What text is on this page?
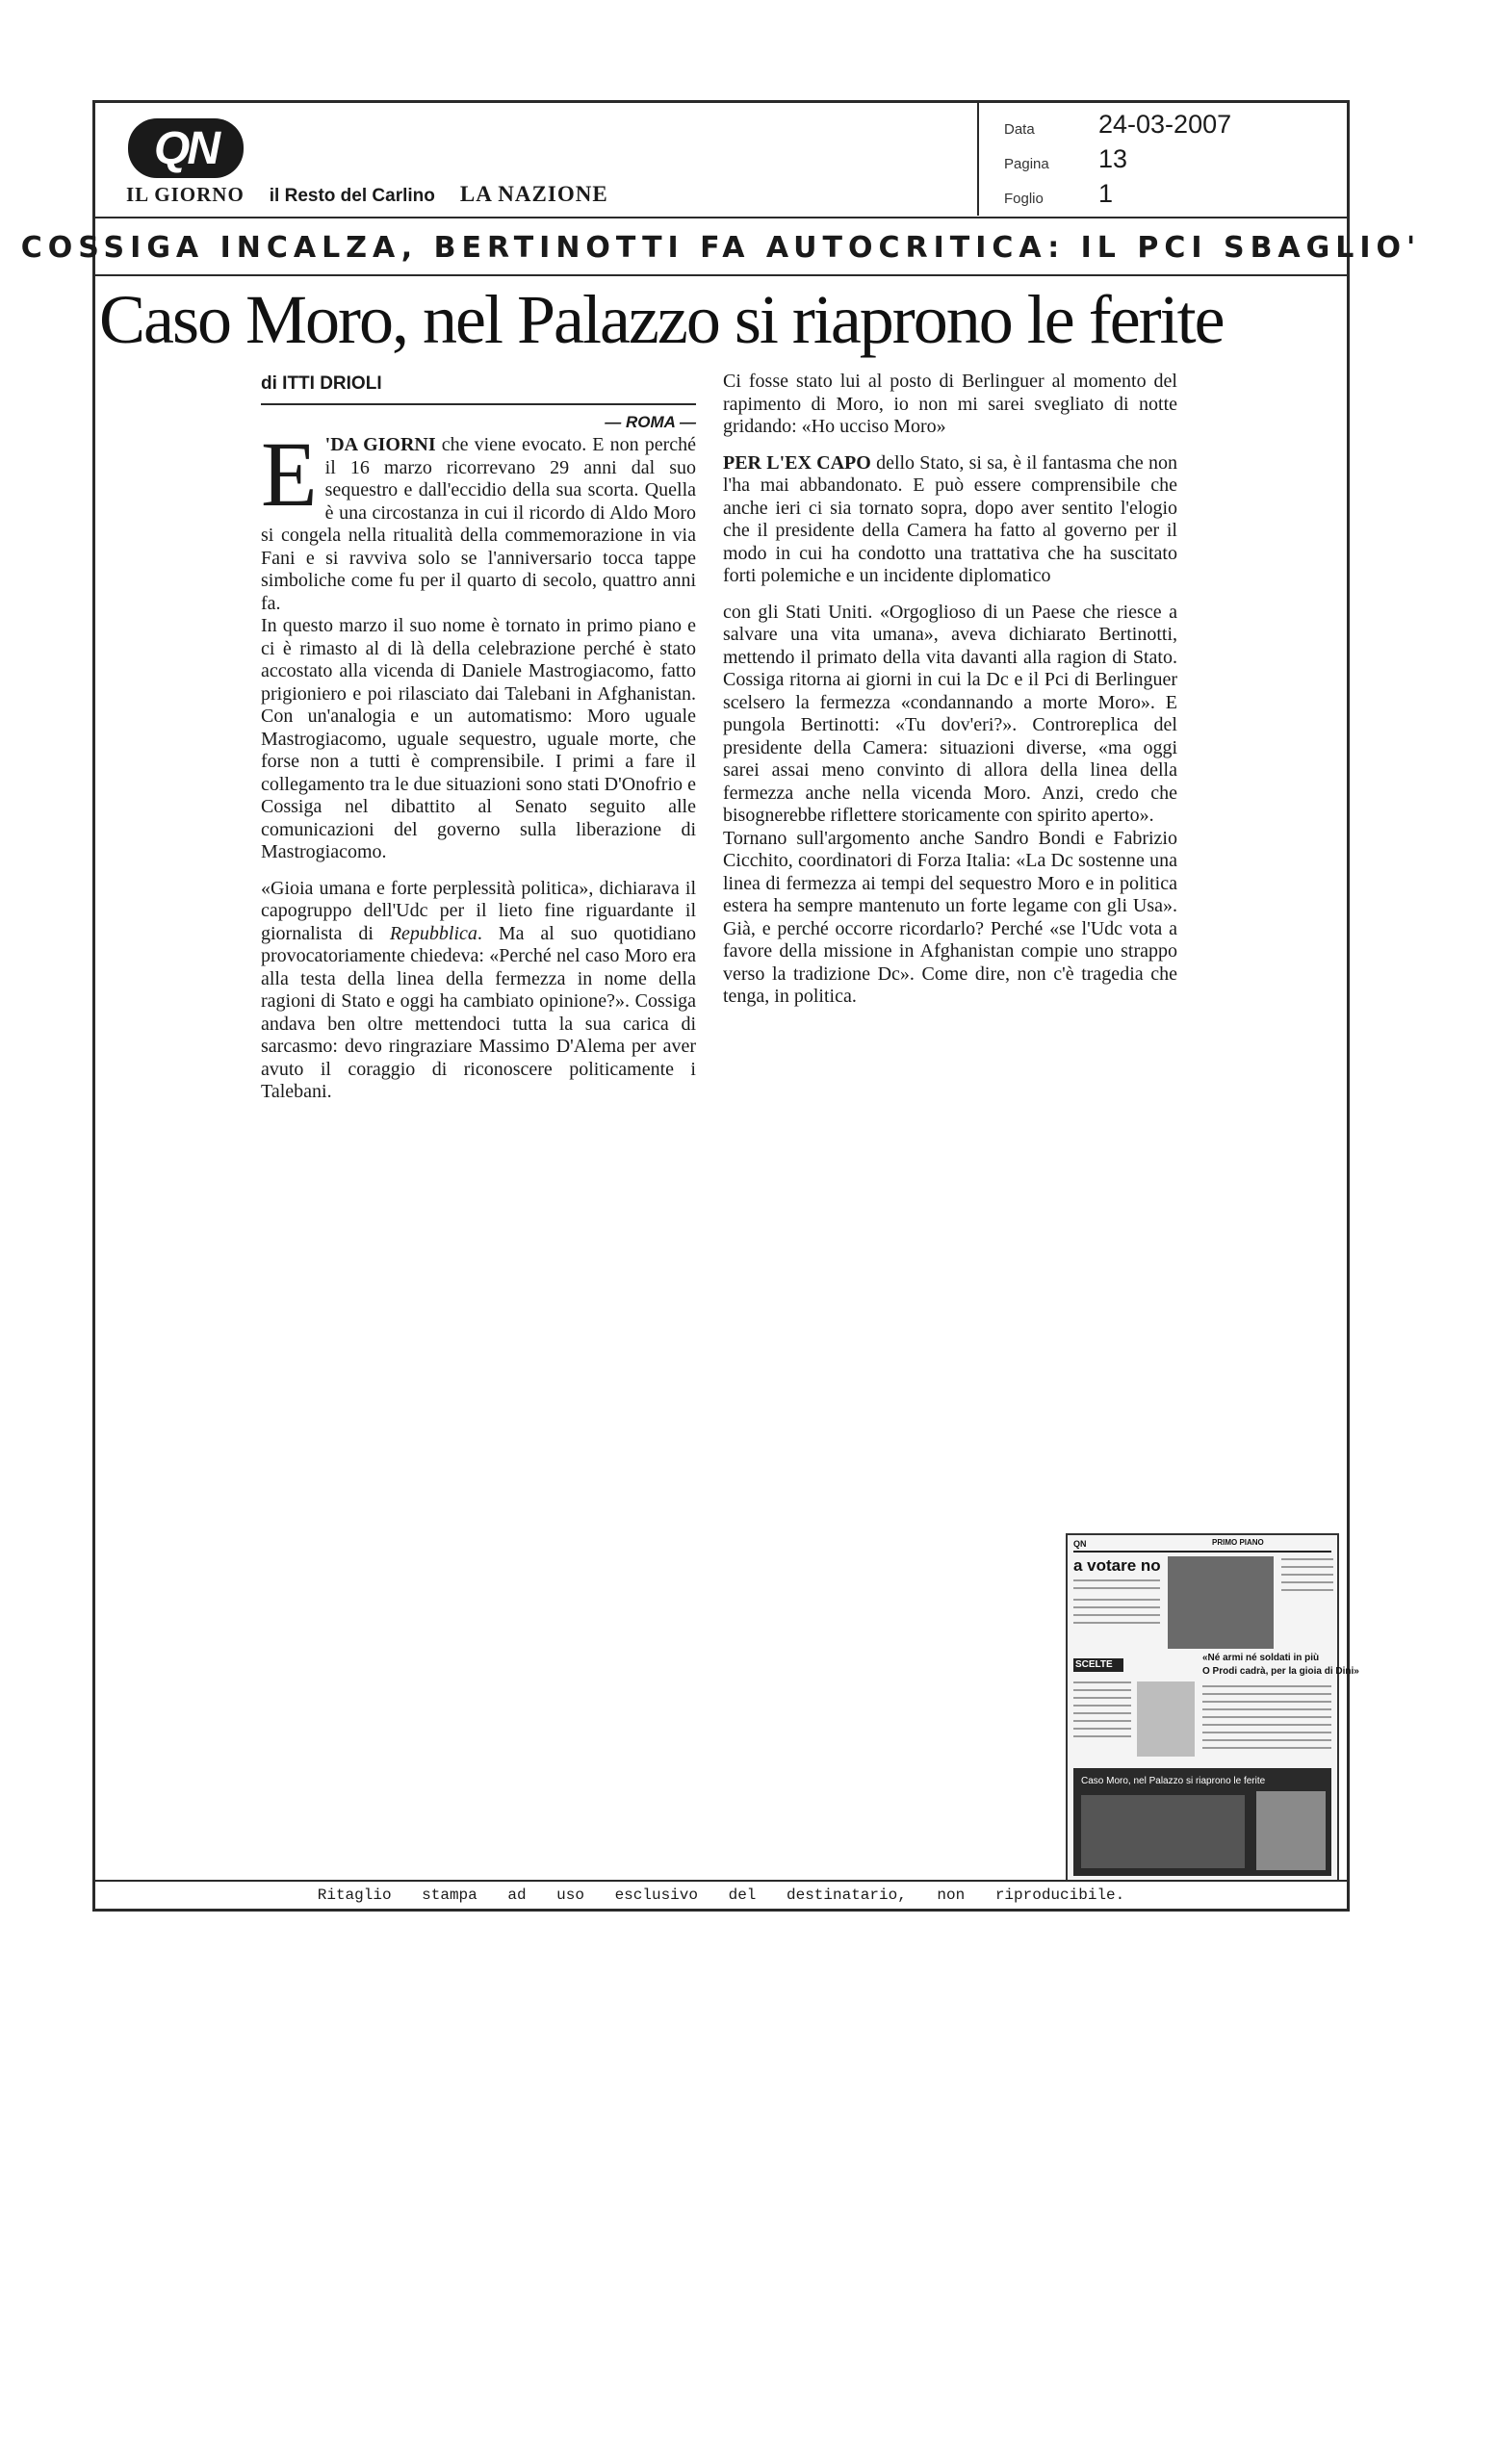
QN
IL GIORNO il Resto del Carlino LA NAZIONE
Data 24-03-2007
Pagina 13
Foglio 1
COSSIGA INCALZA, BERTINOTTI FA AUTOCRITICA: IL PCI SBAGLIO'
Caso Moro, nel Palazzo si riaprono le ferite
di ITTI DRIOLI
— ROMA —

E 'DA GIORNI che viene evocato. E non perché il 16 marzo ricorrevano 29 anni dal suo sequestro e dall'eccidio della sua scorta. Quella è una circostanza in cui il ricordo di Aldo Moro si congela nella ritualità della commemorazione in via Fani e si ravviva solo se l'anniversario tocca tappe simboliche come fu per il quarto di secolo, quattro anni fa.

In questo marzo il suo nome è tornato in primo piano e ci è rimasto al di là della celebrazione perché è stato accostato alla vicenda di Daniele Mastrogiacomo, fatto prigioniero e poi rilasciato dai Talebani in Afghanistan. Con un'analogia e un automatismo: Moro uguale Mastrogiacomo, uguale sequestro, uguale morte, che forse non a tutti è comprensibile. I primi a fare il collegamento tra le due situazioni sono stati D'Onofrio e Cossiga nel dibattito al Senato seguito alle comunicazioni del governo sulla liberazione di Mastrogiacomo.

«Gioia umana e forte perplessità politica», dichiarava il capogruppo dell'Udc per il lieto fine riguardante il giornalista di Repubblica. Ma al suo quotidiano provocatoriamente chiedeva: «Perché nel caso Moro era alla testa della linea della fermezza in nome della ragioni di Stato e oggi ha cambiato opinione?». Cossiga andava ben oltre mettendoci tutta la sua carica di sarcasmo: devo ringraziare Massimo D'Alema per aver avuto il coraggio di riconoscere politicamente i Talebani.

Ci fosse stato lui al posto di Berlinguer al momento del rapimento di Moro, io non mi sarei svegliato di notte gridando: «Ho ucciso Moro»

PER L'EX CAPO dello Stato, si sa, è il fantasma che non l'ha mai abbandonato. E può essere comprensibile che anche ieri ci sia tornato sopra, dopo aver sentito l'elogio che il presidente della Camera ha fatto al governo per il modo in cui ha condotto una trattativa che ha suscitato forti polemiche e un incidente diplomatico

con gli Stati Uniti. «Orgoglioso di un Paese che riesce a salvare una vita umana», aveva dichiarato Bertinotti, mettendo il primato della vita davanti alla ragion di Stato. Cossiga ritorna ai giorni in cui la Dc e il Pci di Berlinguer scelsero la fermezza «condannando a morte Moro». E pungola Bertinotti: «Tu dov'eri?». Controreplica del presidente della Camera: situazioni diverse, «ma oggi sarei assai meno convinto di allora della linea della fermezza anche nella vicenda Moro. Anzi, credo che bisognerebbe riflettere storicamente con spirito aperto».

Tornano sull'argomento anche Sandro Bondi e Fabrizio Cicchito, coordinatori di Forza Italia: «La Dc sostenne una linea di fermezza ai tempi del sequestro Moro e in politica estera ha sempre mantenuto un forte legame con gli Usa». Già, e perché occorre ricordarlo? Perché «se l'Udc vota a favore della missione in Afghanistan compie uno strappo verso la tradizione Dc». Come dire, non c'è tragedia che tenga, in politica.

QN	PRIMO PIANO
a votare no
«Né armi né soldati in più
O Prodi cadrà, per la gioia di Dini»
SCELTE
Caso Moro, nel Palazzo si riaprono le ferite
Ritaglio stampa ad uso esclusivo del destinatario, non riproducibile.
